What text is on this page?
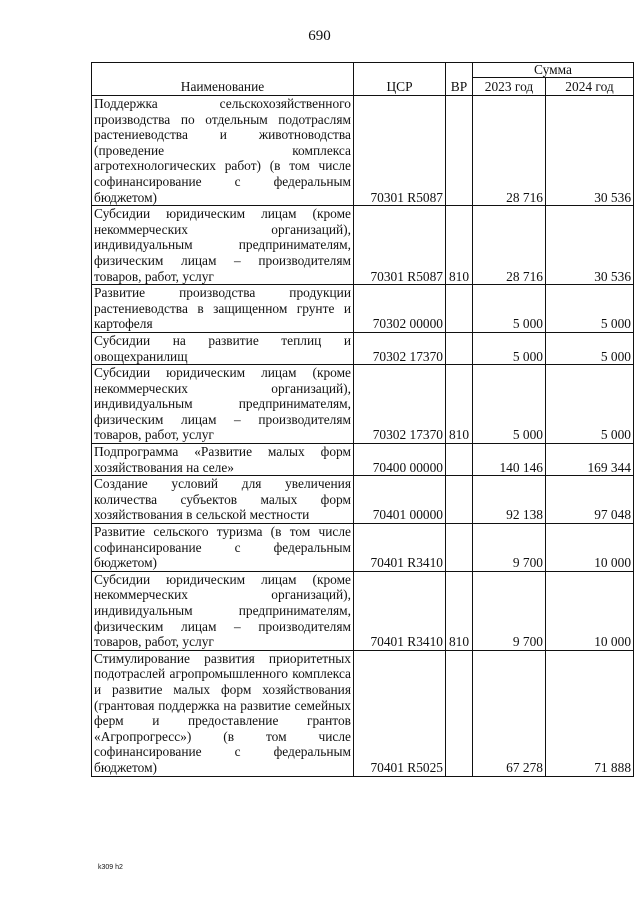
690
Наименование	ЦСР	ВР	Сумма	
			2023 год	2024 год
Поддержка сельскохозяйственного производства по отдельным подотраслям растениеводства и животноводства (проведение комплекса агротехнологических работ) (в том числе софинансирование с федеральным бюджетом)	70301 R5087		28 716	30 536
Субсидии юридическим лицам (кроме некоммерческих организаций), индивидуальным предпринимателям, физическим лицам – производителям товаров, работ, услуг	70301 R5087	810	28 716	30 536
Развитие производства продукции растениеводства в защищенном грунте и картофеля	70302 00000		5 000	5 000
Субсидии на развитие теплиц и овощехранилищ	70302 17370		5 000	5 000
Субсидии юридическим лицам (кроме некоммерческих организаций), индивидуальным предпринимателям, физическим лицам – производителям товаров, работ, услуг	70302 17370	810	5 000	5 000
Подпрограмма «Развитие малых форм хозяйствования на селе»	70400 00000		140 146	169 344
Создание условий для увеличения количества субъектов малых форм хозяйствования в сельской местности	70401 00000		92 138	97 048
Развитие сельского туризма (в том числе софинансирование с федеральным бюджетом)	70401 R3410		9 700	10 000
Субсидии юридическим лицам (кроме некоммерческих организаций), индивидуальным предпринимателям, физическим лицам – производителям товаров, работ, услуг	70401 R3410	810	9 700	10 000
Стимулирование развития приоритетных подотраслей агропромышленного комплекса и развитие малых форм хозяйствования (грантовая поддержка на развитие семейных ферм и предоставление грантов «Агропрогресс») (в том числе софинансирование с федеральным бюджетом)	70401 R5025		67 278	71 888
k309 h2
